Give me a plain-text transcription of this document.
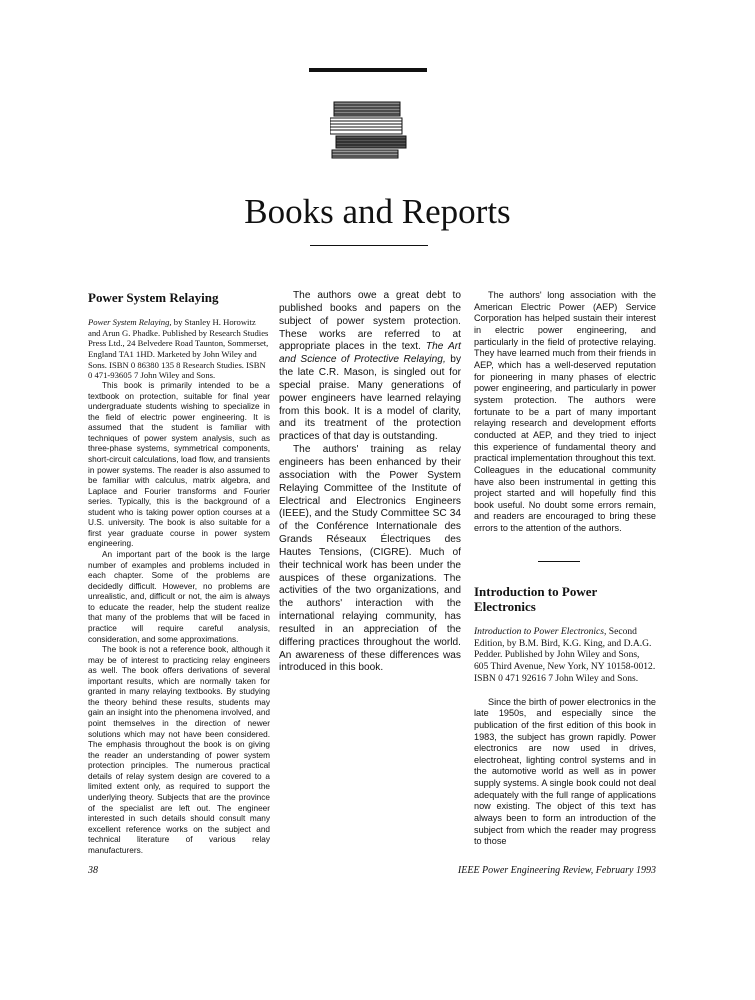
Books and Reports
Power System Relaying

Power System Relaying, by Stanley H. Horowitz and Arun G. Phadke. Published by Research Studies Press Ltd., 24 Belvedere Road Taunton, Sommerset, England TA1 1HD. Marketed by John Wiley and Sons. ISBN 0 86380 135 8 Research Studies. ISBN 0 471-93605 7 John Wiley and Sons.

This book is primarily intended to be a textbook on protection, suitable for final year undergraduate students wishing to specialize in the field of electric power engineering. It is assumed that the student is familiar with techniques of power system analysis, such as three-phase systems, symmetrical components, short-circuit calculations, load flow, and transients in power systems. The reader is also assumed to be familiar with calculus, matrix algebra, and Laplace and Fourier transforms and Fourier series. Typically, this is the background of a student who is taking power option courses at a U.S. university. The book is also suitable for a first year graduate course in power system engineering.

An important part of the book is the large number of examples and problems included in each chapter. Some of the problems are decidedly difficult. However, no problems are unrealistic, and, difficult or not, the aim is always to educate the reader, help the student realize that many of the problems that will be faced in practice will require careful analysis, consideration, and some approximations.

The book is not a reference book, although it may be of interest to practicing relay engineers as well. The book offers derivations of several important results, which are normally taken for granted in many relaying textbooks. By studying the theory behind these results, students may gain an insight into the phenomena involved, and point themselves in the direction of newer solutions which may not have been considered. The emphasis throughout the book is on giving the reader an understanding of power system protection principles. The numerous practical details of relay system design are covered to a limited extent only, as required to support the underlying theory. Subjects that are the province of the specialist are left out. The engineer interested in such details should consult many excellent reference works on the subject and technical literature of various relay manufacturers.

The authors owe a great debt to published books and papers on the subject of power system protection. These works are referred to at appropriate places in the text. The Art and Science of Protective Relaying, by the late C.R. Mason, is singled out for special praise. Many generations of power engineers have learned relaying from this book. It is a model of clarity, and its treatment of the protection practices of that day is outstanding.

The authors' training as relay engineers has been enhanced by their association with the Power System Relaying Committee of the Institute of Electrical and Electronics Engineers (IEEE), and the Study Committee SC 34 of the Conférence Internationale des Grands Réseaux Électriques des Hautes Tensions, (CIGRE). Much of their technical work has been under the auspices of these organizations. The activities of the two organizations, and the authors' interaction with the international relaying community, has resulted in an appreciation of the differing practices throughout the world. An awareness of these differences was introduced in this book.

The authors' long association with the American Electric Power (AEP) Service Corporation has helped sustain their interest in electric power engineering, and particularly in the field of protective relaying. They have learned much from their friends in AEP, which has a well-deserved reputation for pioneering in many phases of electric power engineering, and particularly in power system protection. The authors were fortunate to be a part of many important relaying research and development efforts conducted at AEP, and they tried to inject this experience of fundamental theory and practical implementation throughout this text. Colleagues in the educational community have also been instrumental in getting this project started and will hopefully find this book useful. No doubt some errors remain, and readers are encouraged to bring these errors to the attention of the authors.

Introduction to Power Electronics

Introduction to Power Electronics, Second Edition, by B.M. Bird, K.G. King, and D.A.G. Pedder. Published by John Wiley and Sons, 605 Third Avenue, New York, NY 10158-0012. ISBN 0 471 92616 7 John Wiley and Sons.

Since the birth of power electronics in the late 1950s, and especially since the publication of the first edition of this book in 1983, the subject has grown rapidly. Power electronics are now used in drives, electroheat, lighting control systems and in the automotive world as well as in power supply systems. A single book could not deal adequately with the full range of applications now existing. The object of this text has always been to form an introduction of the subject from which the reader may progress to those

38	IEEE Power Engineering Review, February 1993
